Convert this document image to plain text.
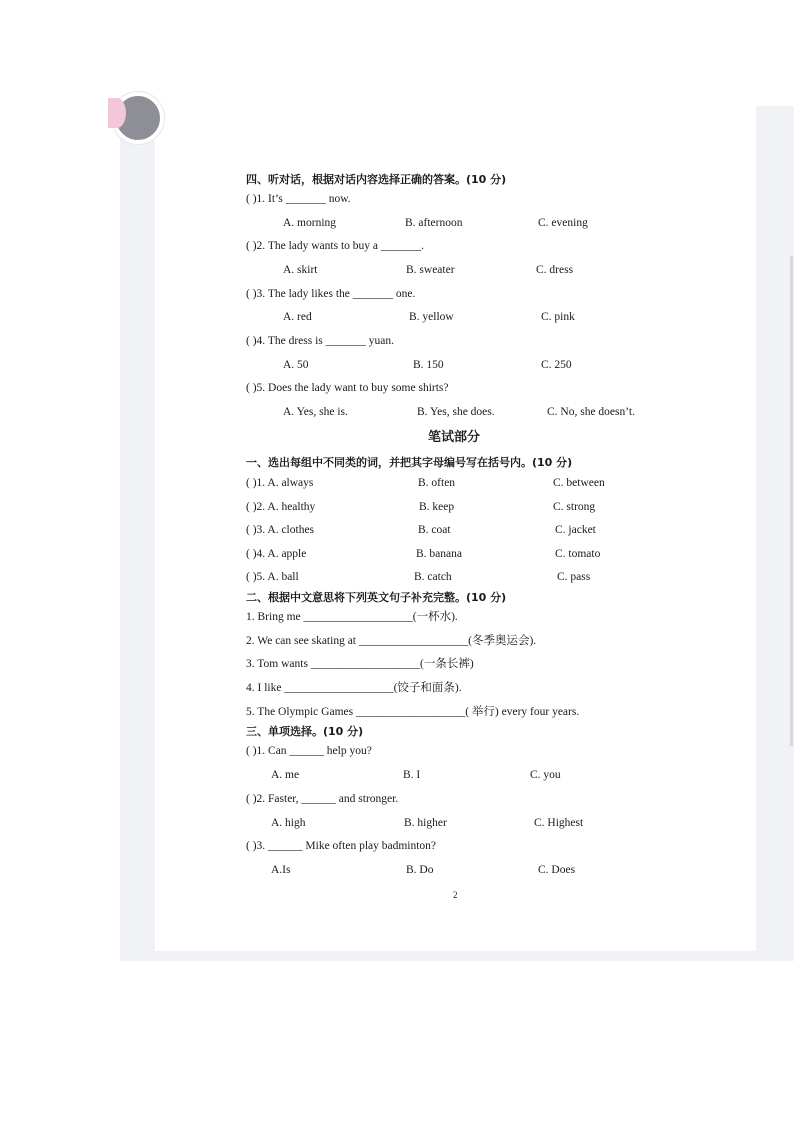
四、听对话，根据对话内容选择正确的答案。(10 分)
( )1. It’s _______ now.
A. morning	B. afternoon	C. evening
( )2. The lady wants to buy a _______.
A. skirt	B. sweater	C. dress
( )3. The lady likes the _______ one.
A. red	B. yellow	C. pink
( )4. The dress is _______ yuan.
A. 50	B. 150	C. 250
( )5. Does the lady want to buy some shirts?
A. Yes, she is.	B. Yes, she does.	C. No, she doesn’t.
笔试部分
一、选出每组中不同类的词，并把其字母编号写在括号内。(10 分)
( )1. A. always	B. often	C. between
( )2. A. healthy	B. keep	C. strong
( )3. A. clothes	B. coat	C. jacket
( )4. A. apple	B. banana	C. tomato
( )5. A. ball	B. catch	C. pass
二、根据中文意思将下列英文句子补充完整。(10 分)
1. Bring me ___________________(一杯水).
2. We can see skating at ___________________(冬季奥运会).
3. Tom wants ___________________(一条长裤)
4. I like ___________________(饺子和面条).
5. The Olympic Games ___________________( 举行) every four years.
三、单项选择。(10 分)
( )1. Can ______ help you?
A. me	B. I	C. you
( )2. Faster, ______ and stronger.
A. high	B. higher	C. Highest
( )3. ______ Mike often play badminton?
A.Is	B. Do	C. Does
2
